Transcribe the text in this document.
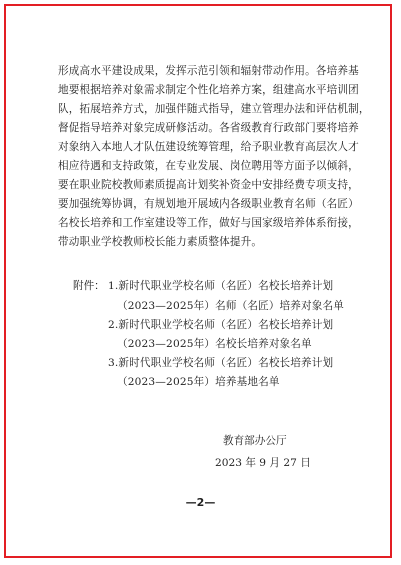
形成高水平建设成果，发挥示范引领和辐射带动作用。各培养基
地要根据培养对象需求制定个性化培养方案，组建高水平培训团
队，拓展培养方式，加强伴随式指导，建立管理办法和评估机制，
督促指导培养对象完成研修活动。各省级教育行政部门要将培养
对象纳入本地人才队伍建设统筹管理，给予职业教育高层次人才
相应待遇和支持政策，在专业发展、岗位聘用等方面予以倾斜，
要在职业院校教师素质提高计划奖补资金中安排经费专项支持，
要加强统筹协调，有规划地开展域内各级职业教育名师（名匠）
名校长培养和工作室建设等工作，做好与国家级培养体系衔接，
带动职业学校教师校长能力素质整体提升。
附件： 1.新时代职业学校名师（名匠）名校长培养计划
（2023—2025年）名师（名匠）培养对象名单
2.新时代职业学校名师（名匠）名校长培养计划
（2023—2025年）名校长培养对象名单
3.新时代职业学校名师（名匠）名校长培养计划
（2023—2025年）培养基地名单
教育部办公厅
2023 年 9 月 27 日
—2—
